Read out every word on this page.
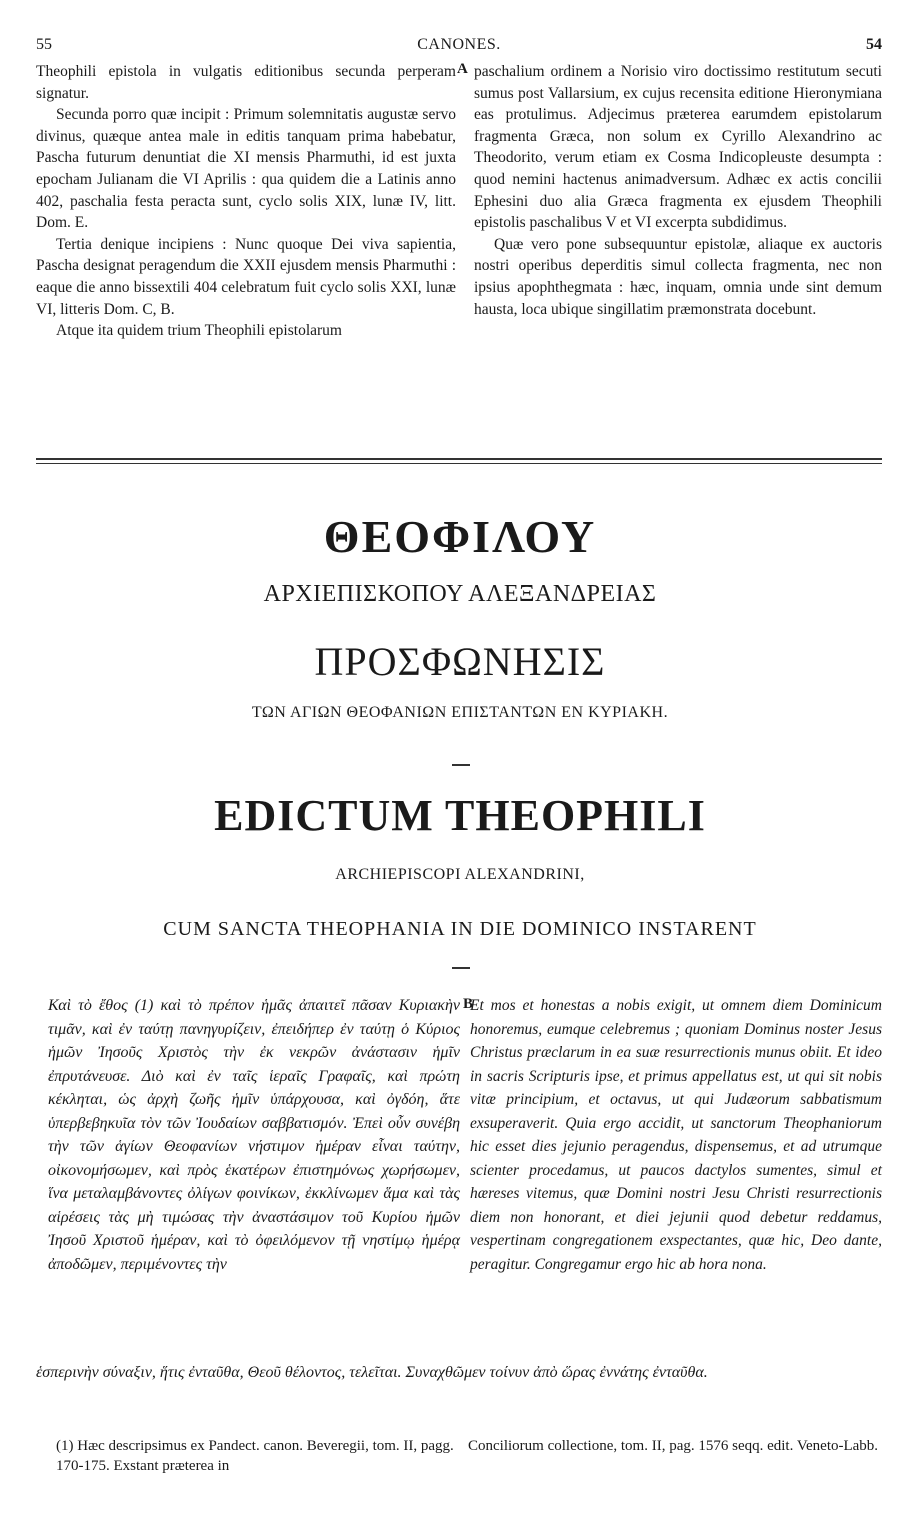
55	CANONES.	54

Theophili epistola in vulgatis editionibus secunda perperam signatur.

Secunda porro quæ incipit : Primum solemnitatis augustæ servo divinus, quæque antea male in editis tanquam prima habebatur, Pascha futurum denuntiat die XI mensis Pharmuthi, id est juxta epocham Julianam die VI Aprilis : qua quidem die a Latinis anno 402, paschalia festa peracta sunt, cyclo solis XIX, lunæ IV, litt. Dom. E.

Tertia denique incipiens : Nunc quoque Dei viva sapientia, Pascha designat peragendum die XXII ejusdem mensis Pharmuthi : eaque die anno bissextili 404 celebratum fuit cyclo solis XXI, lunæ VI, litteris Dom. C, B.

Atque ita quidem trium Theophili epistolarum

A paschalium ordinem a Norisio viro doctissimo restitutum secuti sumus post Vallarsium, ex cujus recensita editione Hieronymiana eas protulimus. Adjecimus præterea earumdem epistolarum fragmenta Græca, non solum ex Cyrillo Alexandrino ac Theodorito, verum etiam ex Cosma Indicopleuste desumpta : quod nemini hactenus animadversum. Adhæc ex actis concilii Ephesini duo alia Græca fragmenta ex ejusdem Theophili epistolis paschalibus V et VI excerpta subdidimus.

Quæ vero pone subsequuntur epistolæ, aliaque ex auctoris nostri operibus deperditis simul collecta fragmenta, nec non ipsius apophthegmata : hæc, inquam, omnia unde sint demum hausta, loca ubique singillatim præmonstrata docebunt.

ΘΕΟΦΙΛΟΥ
ΑΡΧΙΕΠΙΣΚΟΠΟΥ ΑΛΕΞΑΝΔΡΕΙΑΣ
ΠΡΟΣΦΩΝΗΣΙΣ
ΤΩΝ ΑΓΙΩΝ ΘΕΟΦΑΝΙΩΝ ΕΠΙΣΤΑΝΤΩΝ ΕΝ ΚΥΡΙΑΚΗ.
EDICTUM THEOPHILI
ARCHIEPISCOPI ALEXANDRINI,
CUM SANCTA THEOPHANIA IN DIE DOMINICO INSTARENT

Καὶ τὸ ἔθος (1) καὶ τὸ πρέπον ἡμᾶς ἀπαιτεῖ πᾶσαν Κυριακὴν τιμᾶν, καὶ ἐν ταύτῃ πανηγυρίζειν, ἐπειδήπερ ἐν ταύτῃ ὁ Κύριος ἡμῶν Ἰησοῦς Χριστὸς τὴν ἐκ νεκρῶν ἀνάστασιν ἡμῖν ἐπρυτάνευσε. Διὸ καὶ ἐν ταῖς ἱεραῖς Γραφαῖς, καὶ πρώτη κέκληται, ὡς ἀρχὴ ζωῆς ἡμῖν ὑπάρχουσα, καὶ ὀγδόη, ἅτε ὑπερβεβηκυῖα τὸν τῶν Ἰουδαίων σαββατισμόν. Ἐπεὶ οὖν συνέβη τὴν τῶν ἁγίων Θεοφανίων νήστιμον ἡμέραν εἶναι ταύτην, οἰκονομήσωμεν, καὶ πρὸς ἑκατέρων ἐπιστημόνως χωρήσωμεν, ἵνα μεταλαμβάνοντες ὀλίγων φοινίκων, ἐκκλίνωμεν ἅμα καὶ τὰς αἱρέσεις τὰς μὴ τιμώσας τὴν ἀναστάσιμον τοῦ Κυρίου ἡμῶν Ἰησοῦ Χριστοῦ ἡμέραν, καὶ τὸ ὀφειλόμενον τῇ νηστίμῳ ἡμέρᾳ ἀποδῶμεν, περιμένοντες τὴν

B

Et mos et honestas a nobis exigit, ut omnem diem Dominicum honoremus, eumque celebremus ; quoniam Dominus noster Jesus Christus præclarum in ea suæ resurrectionis munus obiit. Et ideo in sacris Scripturis ipse, et primus appellatus est, ut qui sit nobis vitæ principium, et octavus, ut qui Judæorum sabbatismum exsuperaverit. Quia ergo accidit, ut sanctorum Theophaniorum hic esset dies jejunio peragendus, dispensemus, et ad utrumque scienter procedamus, ut paucos dactylos sumentes, simul et hæreses vitemus, quæ Domini nostri Jesu Christi resurrectionis diem non honorant, et diei jejunii quod debetur reddamus, vespertinam congregationem exspectantes, quæ hic, Deo dante, peragitur. Congregamur ergo hic ab hora nona.

ἑσπερινὴν σύναξιν, ἥτις ἐνταῦθα, Θεοῦ θέλοντος, τελεῖται. Συναχθῶμεν τοίνυν ἀπὸ ὥρας ἐννάτης ἐνταῦθα.

(1) Hæc descripsimus ex Pandect. canon. Beveregii, tom. II, pagg. 170-175. Exstant præterea in

Conciliorum collectione, tom. II, pag. 1576 seqq. edit. Veneto-Labb.
